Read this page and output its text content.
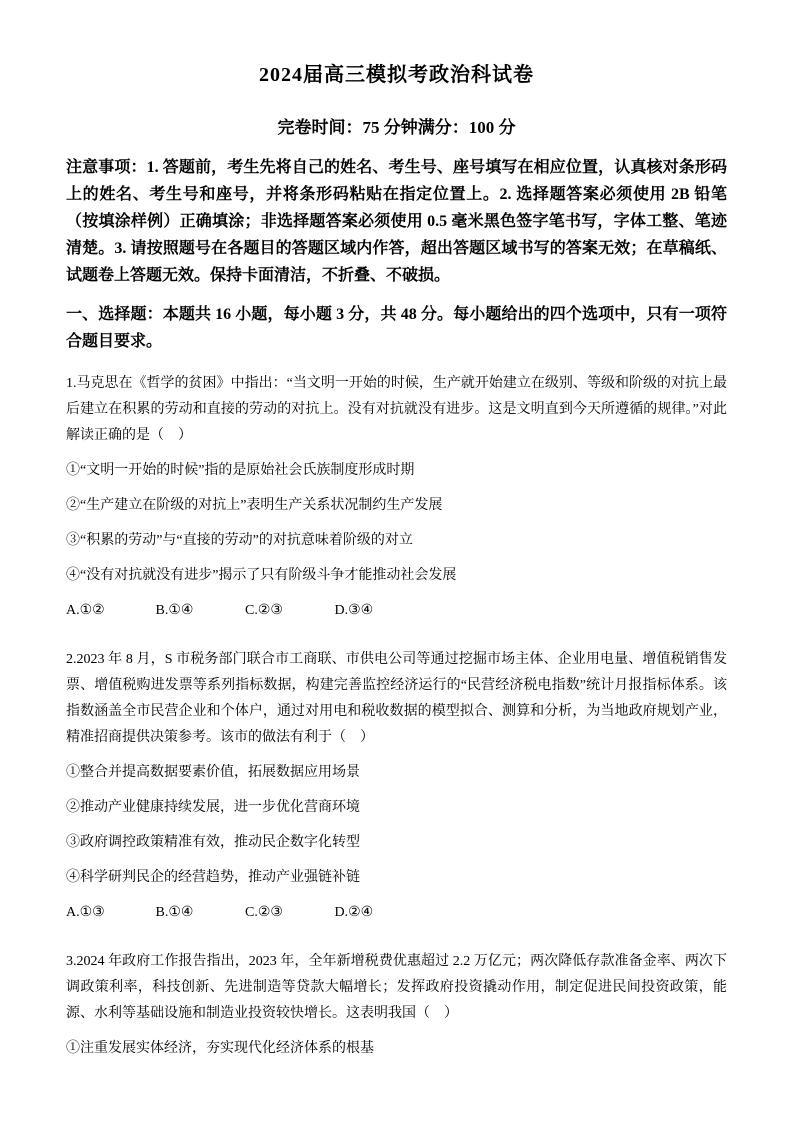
2024届高三模拟考政治科试卷
完卷时间：75 分钟满分：100 分

注意事项：1. 答题前，考生先将自己的姓名、考生号、座号填写在相应位置，认真核对条形码上的姓名、考生号和座号，并将条形码粘贴在指定位置上。2. 选择题答案必须使用 2B 铅笔（按填涂样例）正确填涂；非选择题答案必须使用 0.5 毫米黑色签字笔书写，字体工整、笔迹清楚。3. 请按照题号在各题目的答题区域内作答，超出答题区域书写的答案无效；在草稿纸、试题卷上答题无效。保持卡面清洁，不折叠、不破损。

一、选择题：本题共 16 小题，每小题 3 分，共 48 分。每小题给出的四个选项中，只有一项符合题目要求。

1.马克思在《哲学的贫困》中指出：“当文明一开始的时候，生产就开始建立在级别、等级和阶级的对抗上最后建立在积累的劳动和直接的劳动的对抗上。没有对抗就没有进步。这是文明直到今天所遵循的规律。”对此解读正确的是（　）

①“文明一开始的时候”指的是原始社会氏族制度形成时期

②“生产建立在阶级的对抗上”表明生产关系状况制约生产发展

③“积累的劳动”与“直接的劳动”的对抗意味着阶级的对立

④“没有对抗就没有进步”揭示了只有阶级斗争才能推动社会发展

A.①②	B.①④	C.②③	D.③④

2.2023 年 8 月，S 市税务部门联合市工商联、市供电公司等通过挖掘市场主体、企业用电量、增值税销售发票、增值税购进发票等系列指标数据，构建完善监控经济运行的“民营经济税电指数”统计月报指标体系。该指数涵盖全市民营企业和个体户，通过对用电和税收数据的模型拟合、测算和分析，为当地政府规划产业，精准招商提供决策参考。该市的做法有利于（　）

①整合并提高数据要素价值，拓展数据应用场景

②推动产业健康持续发展，进一步优化营商环境

③政府调控政策精准有效，推动民企数字化转型

④科学研判民企的经营趋势，推动产业强链补链

A.①③	B.①④	C.②③	D.②④

3.2024 年政府工作报告指出，2023 年，全年新增税费优惠超过 2.2 万亿元；两次降低存款准备金率、两次下调政策利率，科技创新、先进制造等贷款大幅增长；发挥政府投资撬动作用，制定促进民间投资政策，能源、水利等基础设施和制造业投资较快增长。这表明我国（　）

①注重发展实体经济，夯实现代化经济体系的根基
